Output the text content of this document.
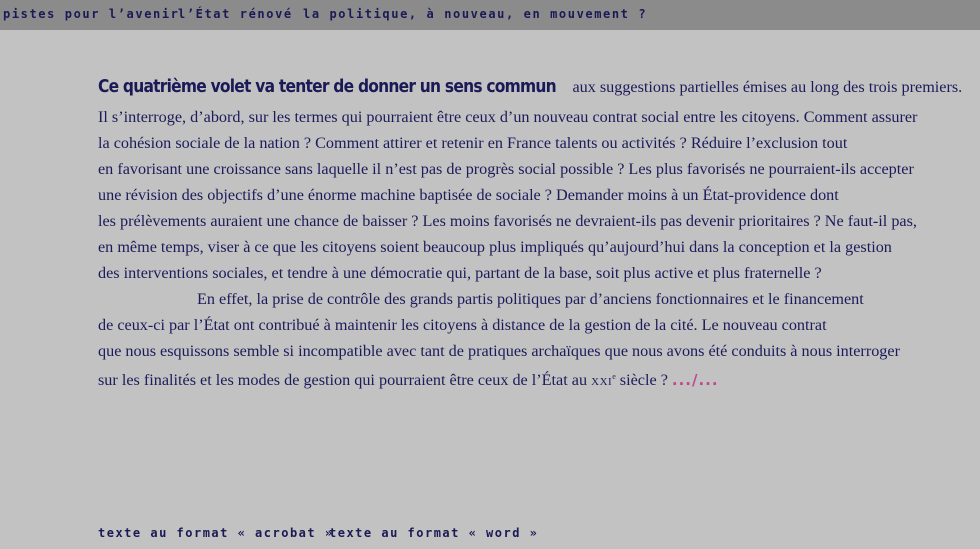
pistes pour l’avenir
l’État rénové la politique, à nouveau, en mouvement ?
Ce quatrième volet va tenter de donner un sens commun aux suggestions partielles émises au long des trois premiers.
Il s’interroge, d’abord, sur les termes qui pourraient être ceux d’un nouveau contrat social entre les citoyens. Comment assurer
la cohésion sociale de la nation ? Comment attirer et retenir en France talents ou activités ? Réduire l’exclusion tout
en favorisant une croissance sans laquelle il n’est pas de progrès social possible ? Les plus favorisés ne pourraient-ils accepter
une révision des objectifs d’une énorme machine baptisée de sociale ? Demander moins à un État-providence dont
les prélèvements auraient une chance de baisser ? Les moins favorisés ne devraient-ils pas devenir prioritaires ? Ne faut-il pas,
en même temps, viser à ce que les citoyens soient beaucoup plus impliqués qu’aujourd’hui dans la conception et la gestion
des interventions sociales, et tendre à une démocratie qui, partant de la base, soit plus active et plus fraternelle ?
En effet, la prise de contrôle des grands partis politiques par d’anciens fonctionnaires et le financement
de ceux-ci par l’État ont contribué à maintenir les citoyens à distance de la gestion de la cité. Le nouveau contrat
que nous esquissons semble si incompatible avec tant de pratiques archaïques que nous avons été conduits à nous interroger
sur les finalités et les modes de gestion qui pourraient être ceux de l’État au XXIe siècle ? .../...
texte au format « acrobat »
texte au format « word »
